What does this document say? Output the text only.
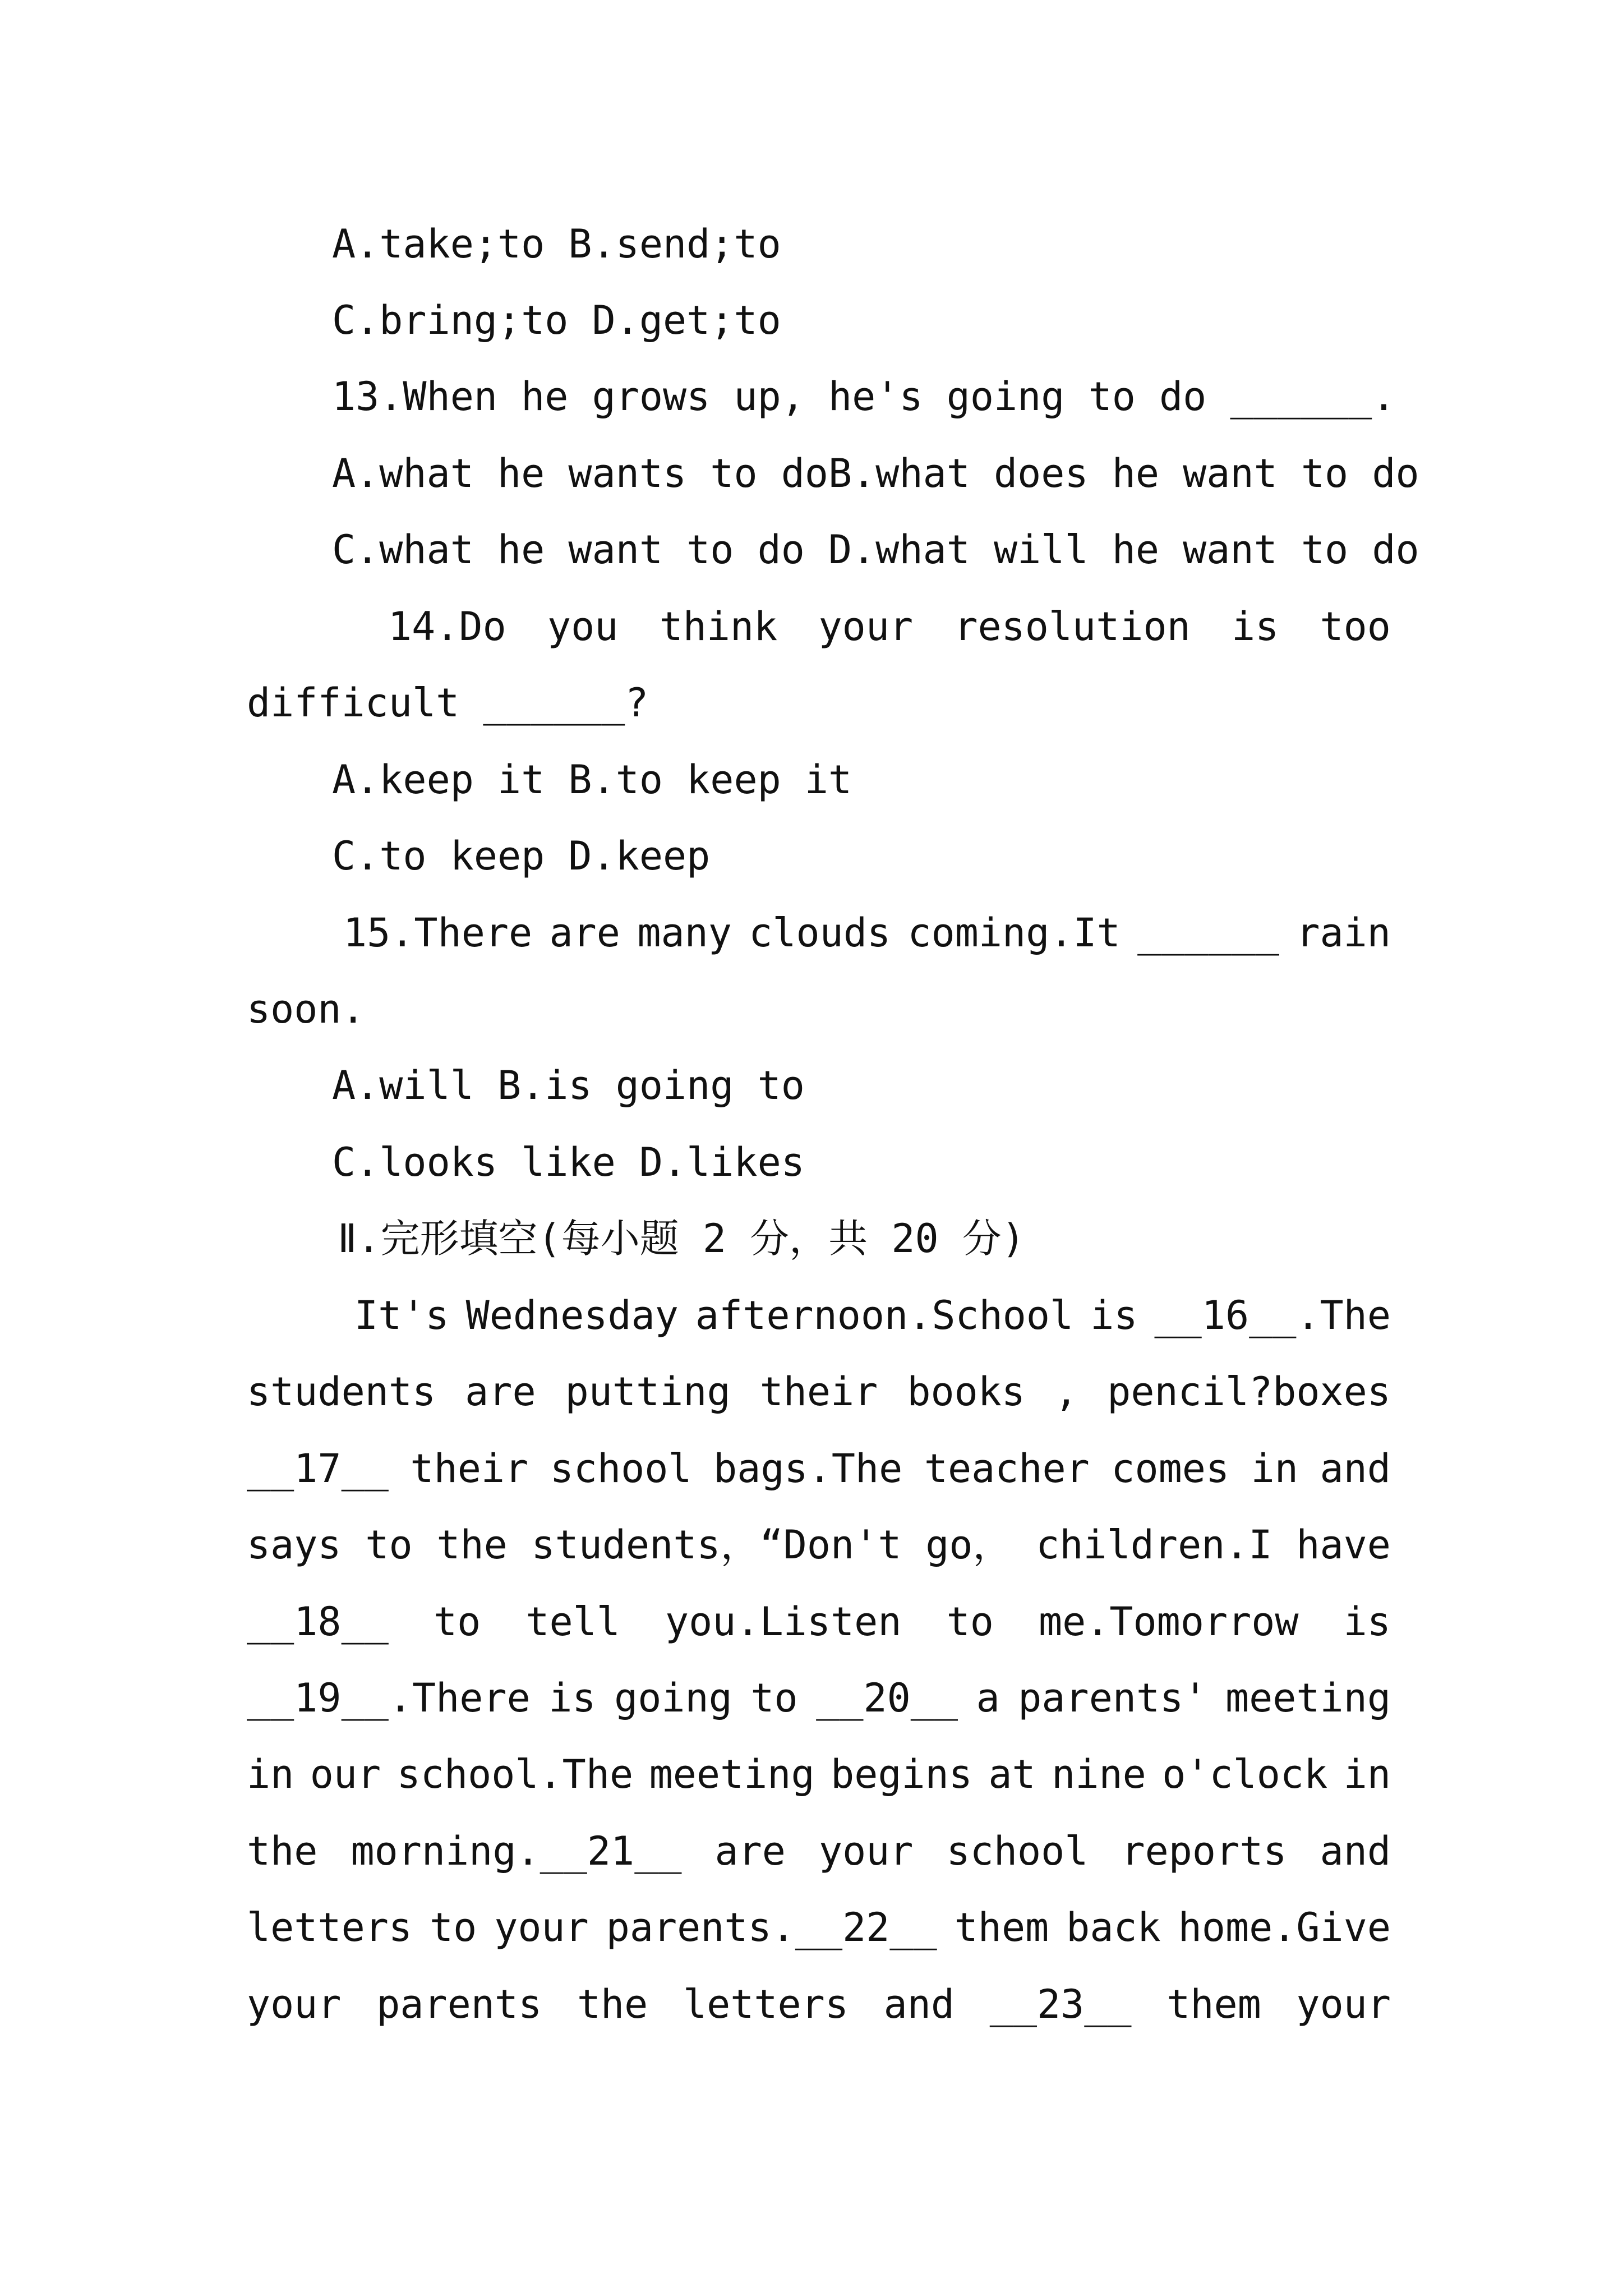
A.take;to B.send;to
C.bring;to D.get;to
13.When he grows up, he's going to do ______.
A.what he wants to doB.what does he want to do
C.what he want to do D.what will he want to do
14.Do you think your resolution is too
difficult ______?
A.keep it B.to keep it
C.to keep D.keep
15.There are many clouds coming.It ______ rain
soon.
A.will B.is going to
C.looks like D.likes
Ⅱ.完形填空(每小题 2 分，共 20 分)
It's Wednesday afternoon.School is __16__.The
students are putting their books , pencil?boxes
__17__ their school bags.The teacher comes in and
says to the students，“Don't go， children.I have
__18__ to tell you.Listen to me.Tomorrow is
__19__.There is going to __20__ a parents' meeting
in our school.The meeting begins at nine o'clock in
the morning.__21__ are your school reports and
letters to your parents.__22__ them back home.Give
your parents the letters and __23__ them your
